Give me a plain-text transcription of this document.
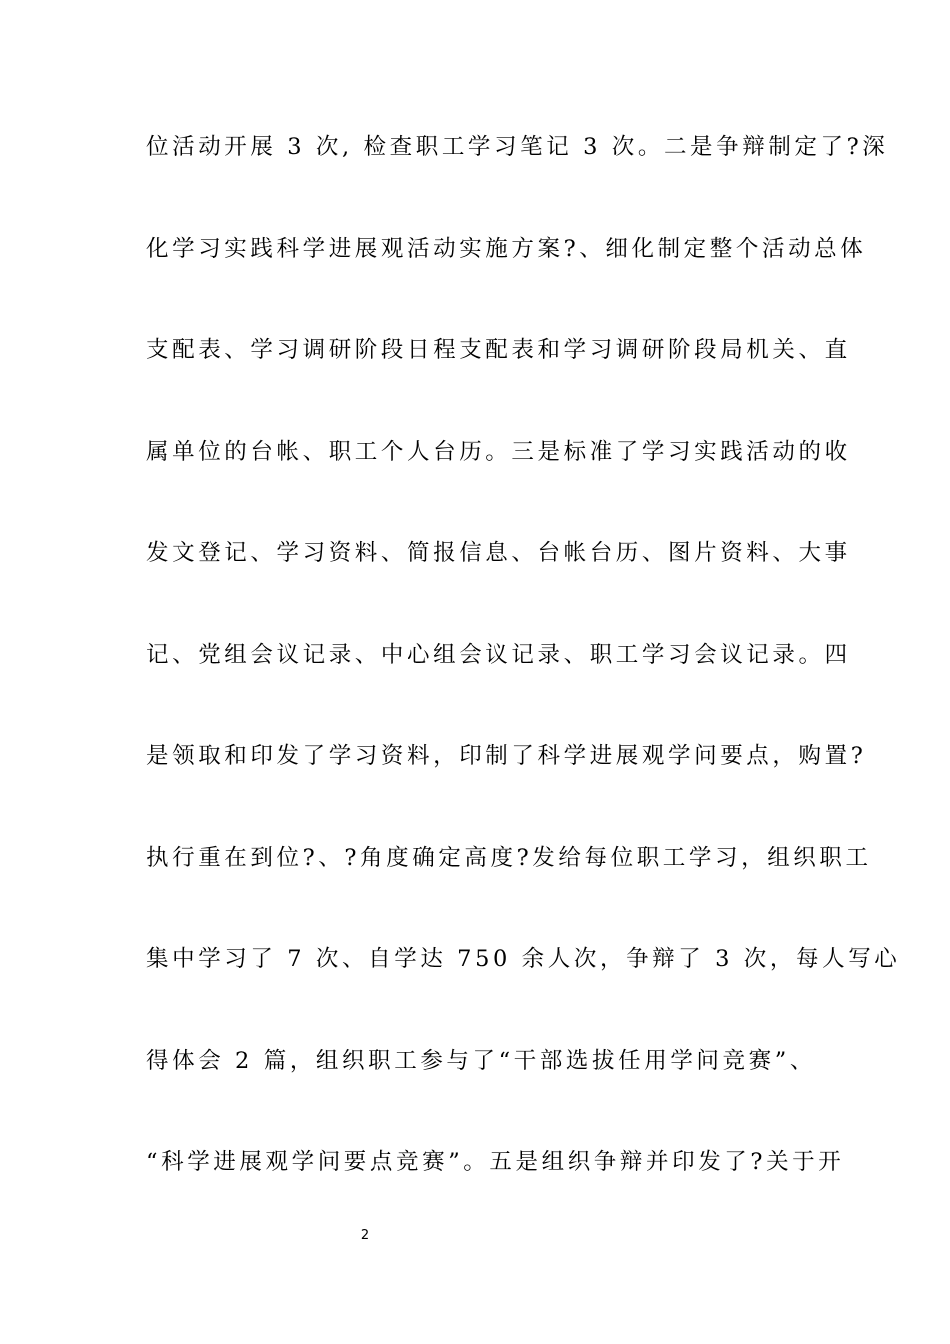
位活动开展 3 次, 检查职工学习笔记 3 次。二是争辩制定了?深
化学习实践科学进展观活动实施方案?、细化制定整个活动总体
支配表、学习调研阶段日程支配表和学习调研阶段局机关、直
属单位的台帐、职工个人台历。三是标准了学习实践活动的收
发文登记、学习资料、简报信息、台帐台历、图片资料、大事
记、党组会议记录、中心组会议记录、职工学习会议记录。四
是领取和印发了学习资料，印制了科学进展观学问要点，购置?
执行重在到位?、?角度确定高度?发给每位职工学习，组织职工
集中学习了 7 次、自学达 750 余人次，争辩了 3 次，每人写心
得体会 2 篇，组织职工参与了“干部选拔任用学问竞赛”、
“科学进展观学问要点竞赛”。五是组织争辩并印发了?关于开
2
